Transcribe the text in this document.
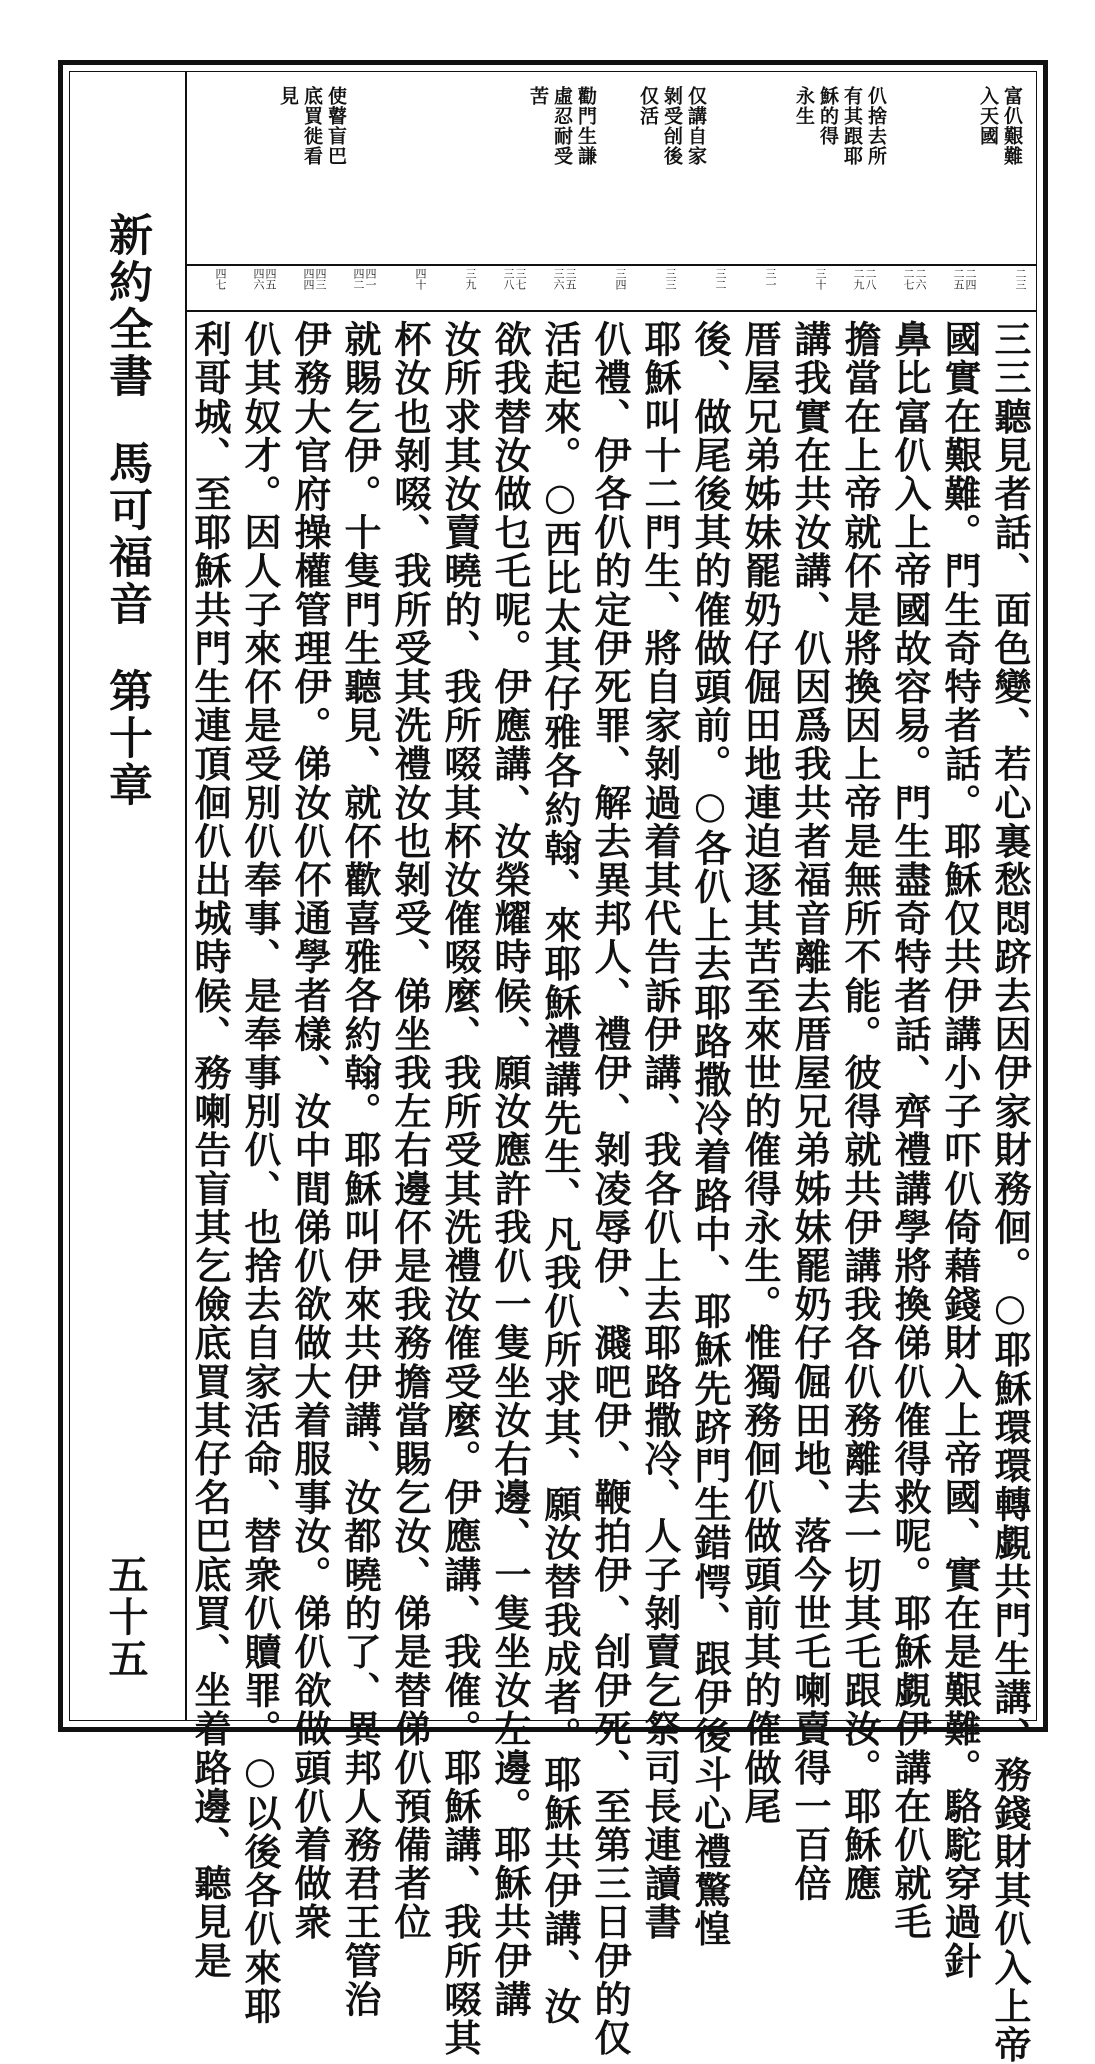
新約全書馬可福音第十章
五十五
富仈艱難
入天國
仈捨去所
有其跟耶
穌的得
永生
仅講自家
剝受刣後
仅活
勸門生謙
虛忍耐受
苦
使瞽盲巴
底買徙看
見
二三
二四
二五
二六
二七
二八
二九
三十
三一
三二
三三
三四
三五
三六
三七
三八
三九
四十
四一
四二
四三
四四
四五
四六
四七
三三聽見者話、面色變、若心裏愁悶跻去因伊家財務佪。○耶穌環環轉覷共門生講、務錢財其仈入上帝
國實在艱難。門生奇特者話。耶穌仅共伊講小子吓仈倚藉錢財入上帝國、實在是艱難。駱駝穿過針
鼻比富仈入上帝國故容易。門生盡奇特者話、齊禮講學將換俤仈傕得救呢。耶穌覷伊講在仈就毛
擔當在上帝就伓是將換因上帝是無所不能。彼得就共伊講我各仈務離去一切其乇跟汝。耶穌應
講我實在共汝講、仈因爲我共者福音離去厝屋兄弟姊妹罷奶仔倔田地、落今世乇喇賣得一百倍
厝屋兄弟姊妹罷奶仔倔田地連迫逐其苦至來世的傕得永生。惟獨務佪仈做頭前其的傕做尾
後、做尾後其的傕做頭前。○各仈上去耶路撒冷着路中、耶穌先跻門生錯愕、跟伊後斗心禮驚惶
耶穌叫十二門生、將自家剝過着其代告訴伊講、我各仈上去耶路撒冷、人子剝賣乞祭司長連讀書
仈禮、伊各仈的定伊死罪、解去異邦人、禮伊、剝凌辱伊、濺吧伊、鞭拍伊、刣伊死、至第三日伊的仅
活起來。○西比太其仔雅各約翰、來耶穌禮講先生、凡我仈所求其、願汝替我成者。耶穌共伊講、汝
欲我替汝做乜乇呢。伊應講、汝榮耀時候、願汝應許我仈一隻坐汝右邊、一隻坐汝左邊。耶穌共伊講
汝所求其汝賣曉的、我所啜其杯汝傕啜麼、我所受其洗禮汝傕受麼。伊應講、我傕。耶穌講、我所啜其
杯汝也剝啜、我所受其洗禮汝也剝受、俤坐我左右邊伓是我務擔當賜乞汝、俤是替俤仈預備者位
就賜乞伊。十隻門生聽見、就伓歡喜雅各約翰。耶穌叫伊來共伊講、汝都曉的了、異邦人務君王管治
伊務大官府操權管理伊。俤汝仈伓通學者樣、汝中間俤仈欲做大着服事汝。俤仈欲做頭仈着做衆
仈其奴才。因人子來伓是受別仈奉事、是奉事別仈、也捨去自家活命、替衆仈贖罪。○以後各仈來耶
利哥城、至耶穌共門生連頂佪仈出城時候、務喇告盲其乞儉底買其仔名巴底買、坐着路邊、聽見是
